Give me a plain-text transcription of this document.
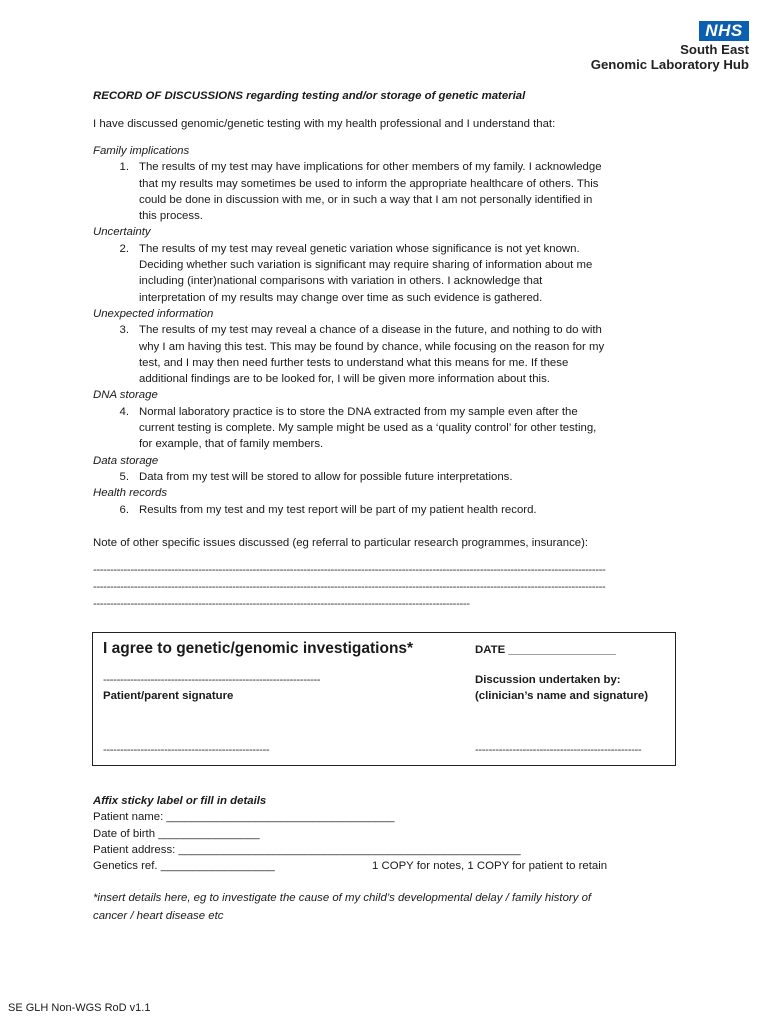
NHS
South East
Genomic Laboratory Hub
RECORD OF DISCUSSIONS regarding testing and/or storage of genetic material
I have discussed genomic/genetic testing with my health professional and I understand that:
Family implications
1. The results of my test may have implications for other members of my family. I acknowledge
that my results may sometimes be used to inform the appropriate healthcare of others. This
could be done in discussion with me, or in such a way that I am not personally identified in
this process.
Uncertainty
2. The results of my test may reveal genetic variation whose significance is not yet known.
Deciding whether such variation is significant may require sharing of information about me
including (inter)national comparisons with variation in others. I acknowledge that
interpretation of my results may change over time as such evidence is gathered.
Unexpected information
3. The results of my test may reveal a chance of a disease in the future, and nothing to do with
why I am having this test. This may be found by chance, while focusing on the reason for my
test, and I may then need further tests to understand what this means for me. If these
additional findings are to be looked for, I will be given more information about this.
DNA storage
4. Normal laboratory practice is to store the DNA extracted from my sample even after the
current testing is complete. My sample might be used as a ‘quality control’ for other testing,
for example, that of family members.
Data storage
5. Data from my test will be stored to allow for possible future interpretations.
Health records
6. Results from my test and my test report will be part of my patient health record.
Note of other specific issues discussed (eg referral to particular research programmes, insurance):
-------------------------------------------------------------------------------------------------------------------------------------------------------
-------------------------------------------------------------------------------------------------------------------------------------------------------
---------------------------------------------------------------------------------------------------------------
I agree to genetic/genomic investigations*	DATE _________________
----------------------------------------------------------------
Patient/parent signature
Discussion undertaken by:
(clinician’s name and signature)
-------------------------------------------------	-------------------------------------------------
Affix sticky label or fill in details
Patient name: ____________________________________
Date of birth ________________
Patient address: ______________________________________________________
Genetics ref. __________________	1 COPY for notes, 1 COPY for patient to retain
*insert details here, eg to investigate the cause of my child’s developmental delay / family history of
cancer / heart disease etc
SE GLH Non-WGS RoD v1.1
